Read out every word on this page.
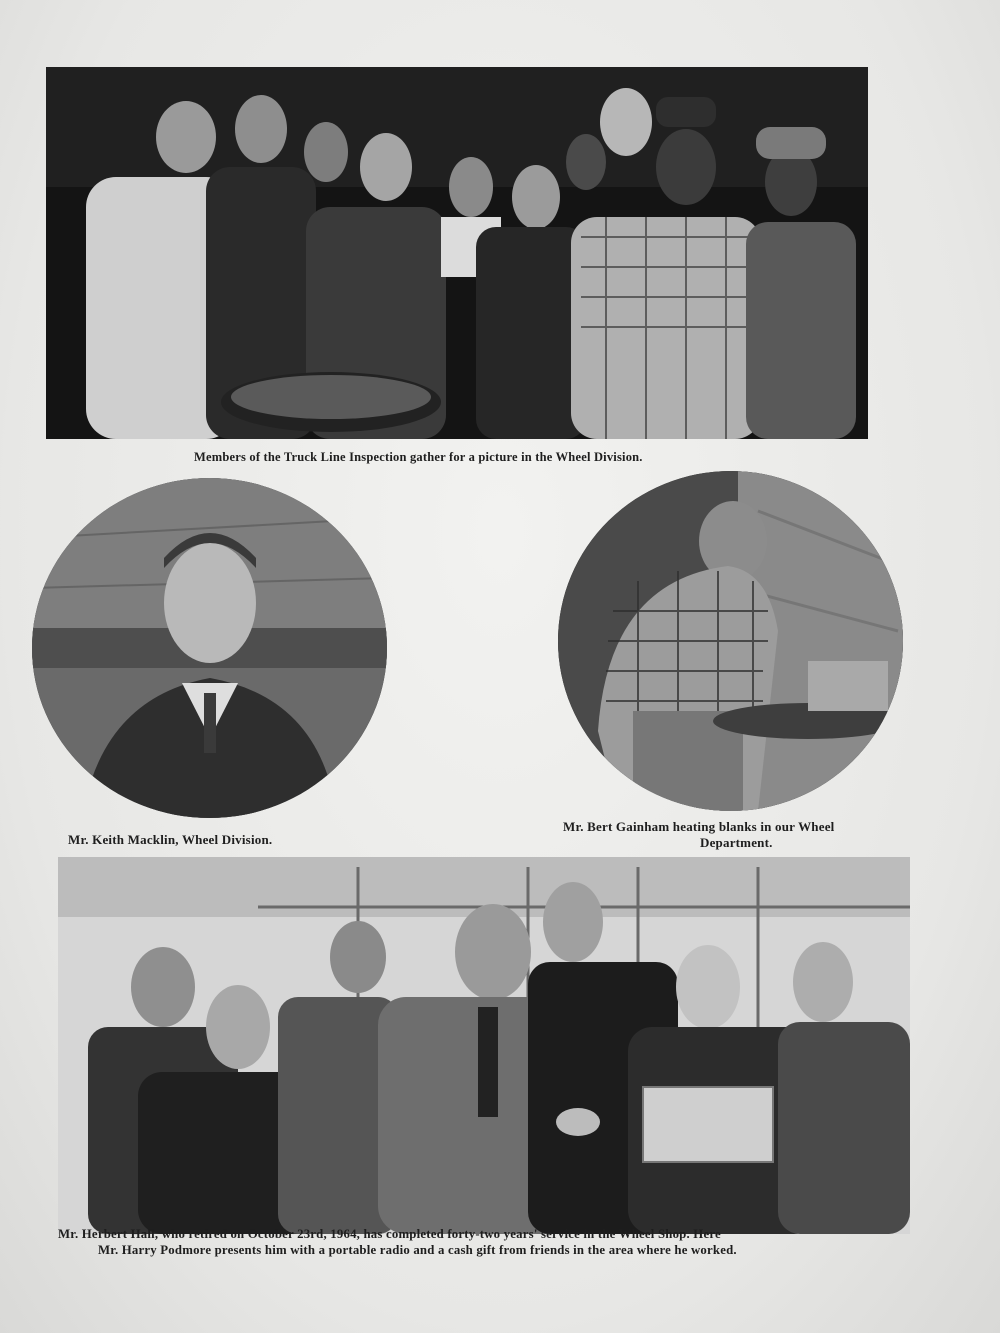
Members of the Truck Line Inspection gather for a picture in the Wheel Division.

Mr. Keith Macklin, Wheel Division.

Mr. Bert Gainham heating blanks in our Wheel

Department.

Mr. Herbert Hall, who retired on October 23rd, 1964, has completed forty-two years' service in the Wheel Shop. Here

Mr. Harry Podmore presents him with a portable radio and a cash gift from friends in the area where he worked.
